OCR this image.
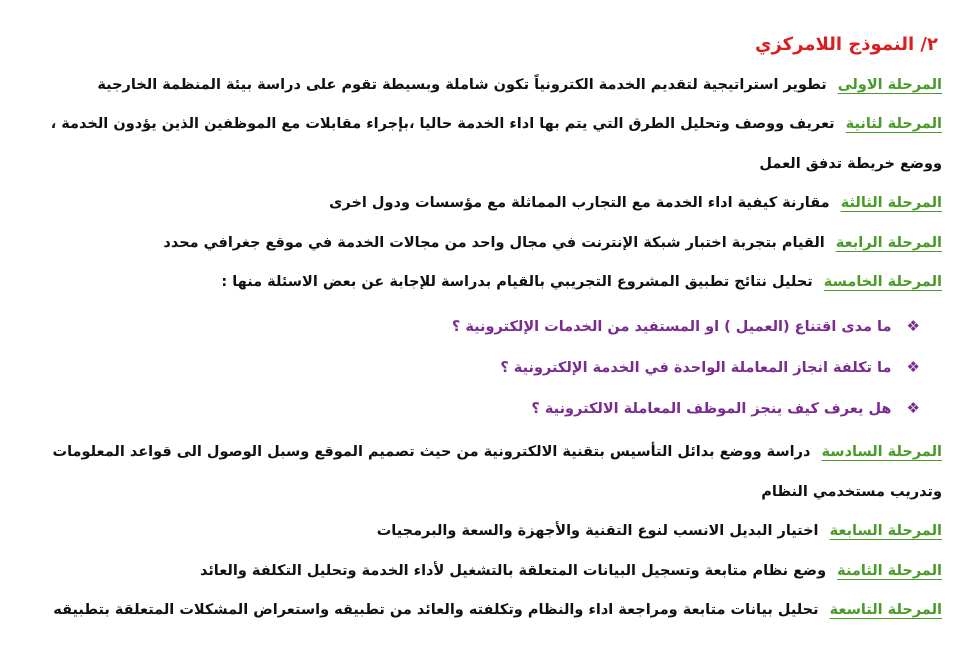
٢/ النموذج اللامركزي
المرحلة الاولى تطوير استراتيجية لتقديم الخدمة الكترونياً تكون شاملة وبسيطة تقوم على دراسة بيئة المنظمة الخارجية
المرحلة لثانية تعريف ووصف وتحليل الطرق التي يتم بها اداء الخدمة حاليا ،بإجراء مقابلات مع الموظفين الذين يؤدون الخدمة ،
ووضع خريطة تدفق العمل
المرحلة الثالثة مقارنة كيفية اداء الخدمة مع التجارب المماثلة مع مؤسسات ودول اخرى
المرحلة الرابعة القيام بتجربة اختبار شبكة الإنترنت في مجال واحد من مجالات الخدمة في موقع جغرافي محدد
المرحلة الخامسة تحليل نتائج تطبيق المشروع التجريبي بالقيام بدراسة للإجابة عن بعض الاسئلة منها :
❖ ما مدى اقتناع (العميل ) او المستفيد من الخدمات الإلكترونية ؟
❖ ما تكلفة انجاز المعاملة الواحدة في الخدمة الإلكترونية ؟
❖ هل يعرف كيف ينجز الموظف المعاملة الالكترونية ؟
المرحلة السادسة دراسة ووضع بدائل التأسيس بتقنية الالكترونية من حيث تصميم الموقع وسبل الوصول الى قواعد المعلومات
وتدريب مستخدمي النظام
المرحلة السابعة اختيار البديل الانسب لنوع التقنية والأجهزة والسعة والبرمجيات
المرحلة الثامنة وضع نظام متابعة وتسجيل البيانات المتعلقة بالتشغيل لأداء الخدمة وتحليل التكلفة والعائد
المرحلة التاسعة تحليل بيانات متابعة ومراجعة اداء والنظام وتكلفته والعائد من تطبيقه واستعراض المشكلات المتعلقة بتطبيقه
